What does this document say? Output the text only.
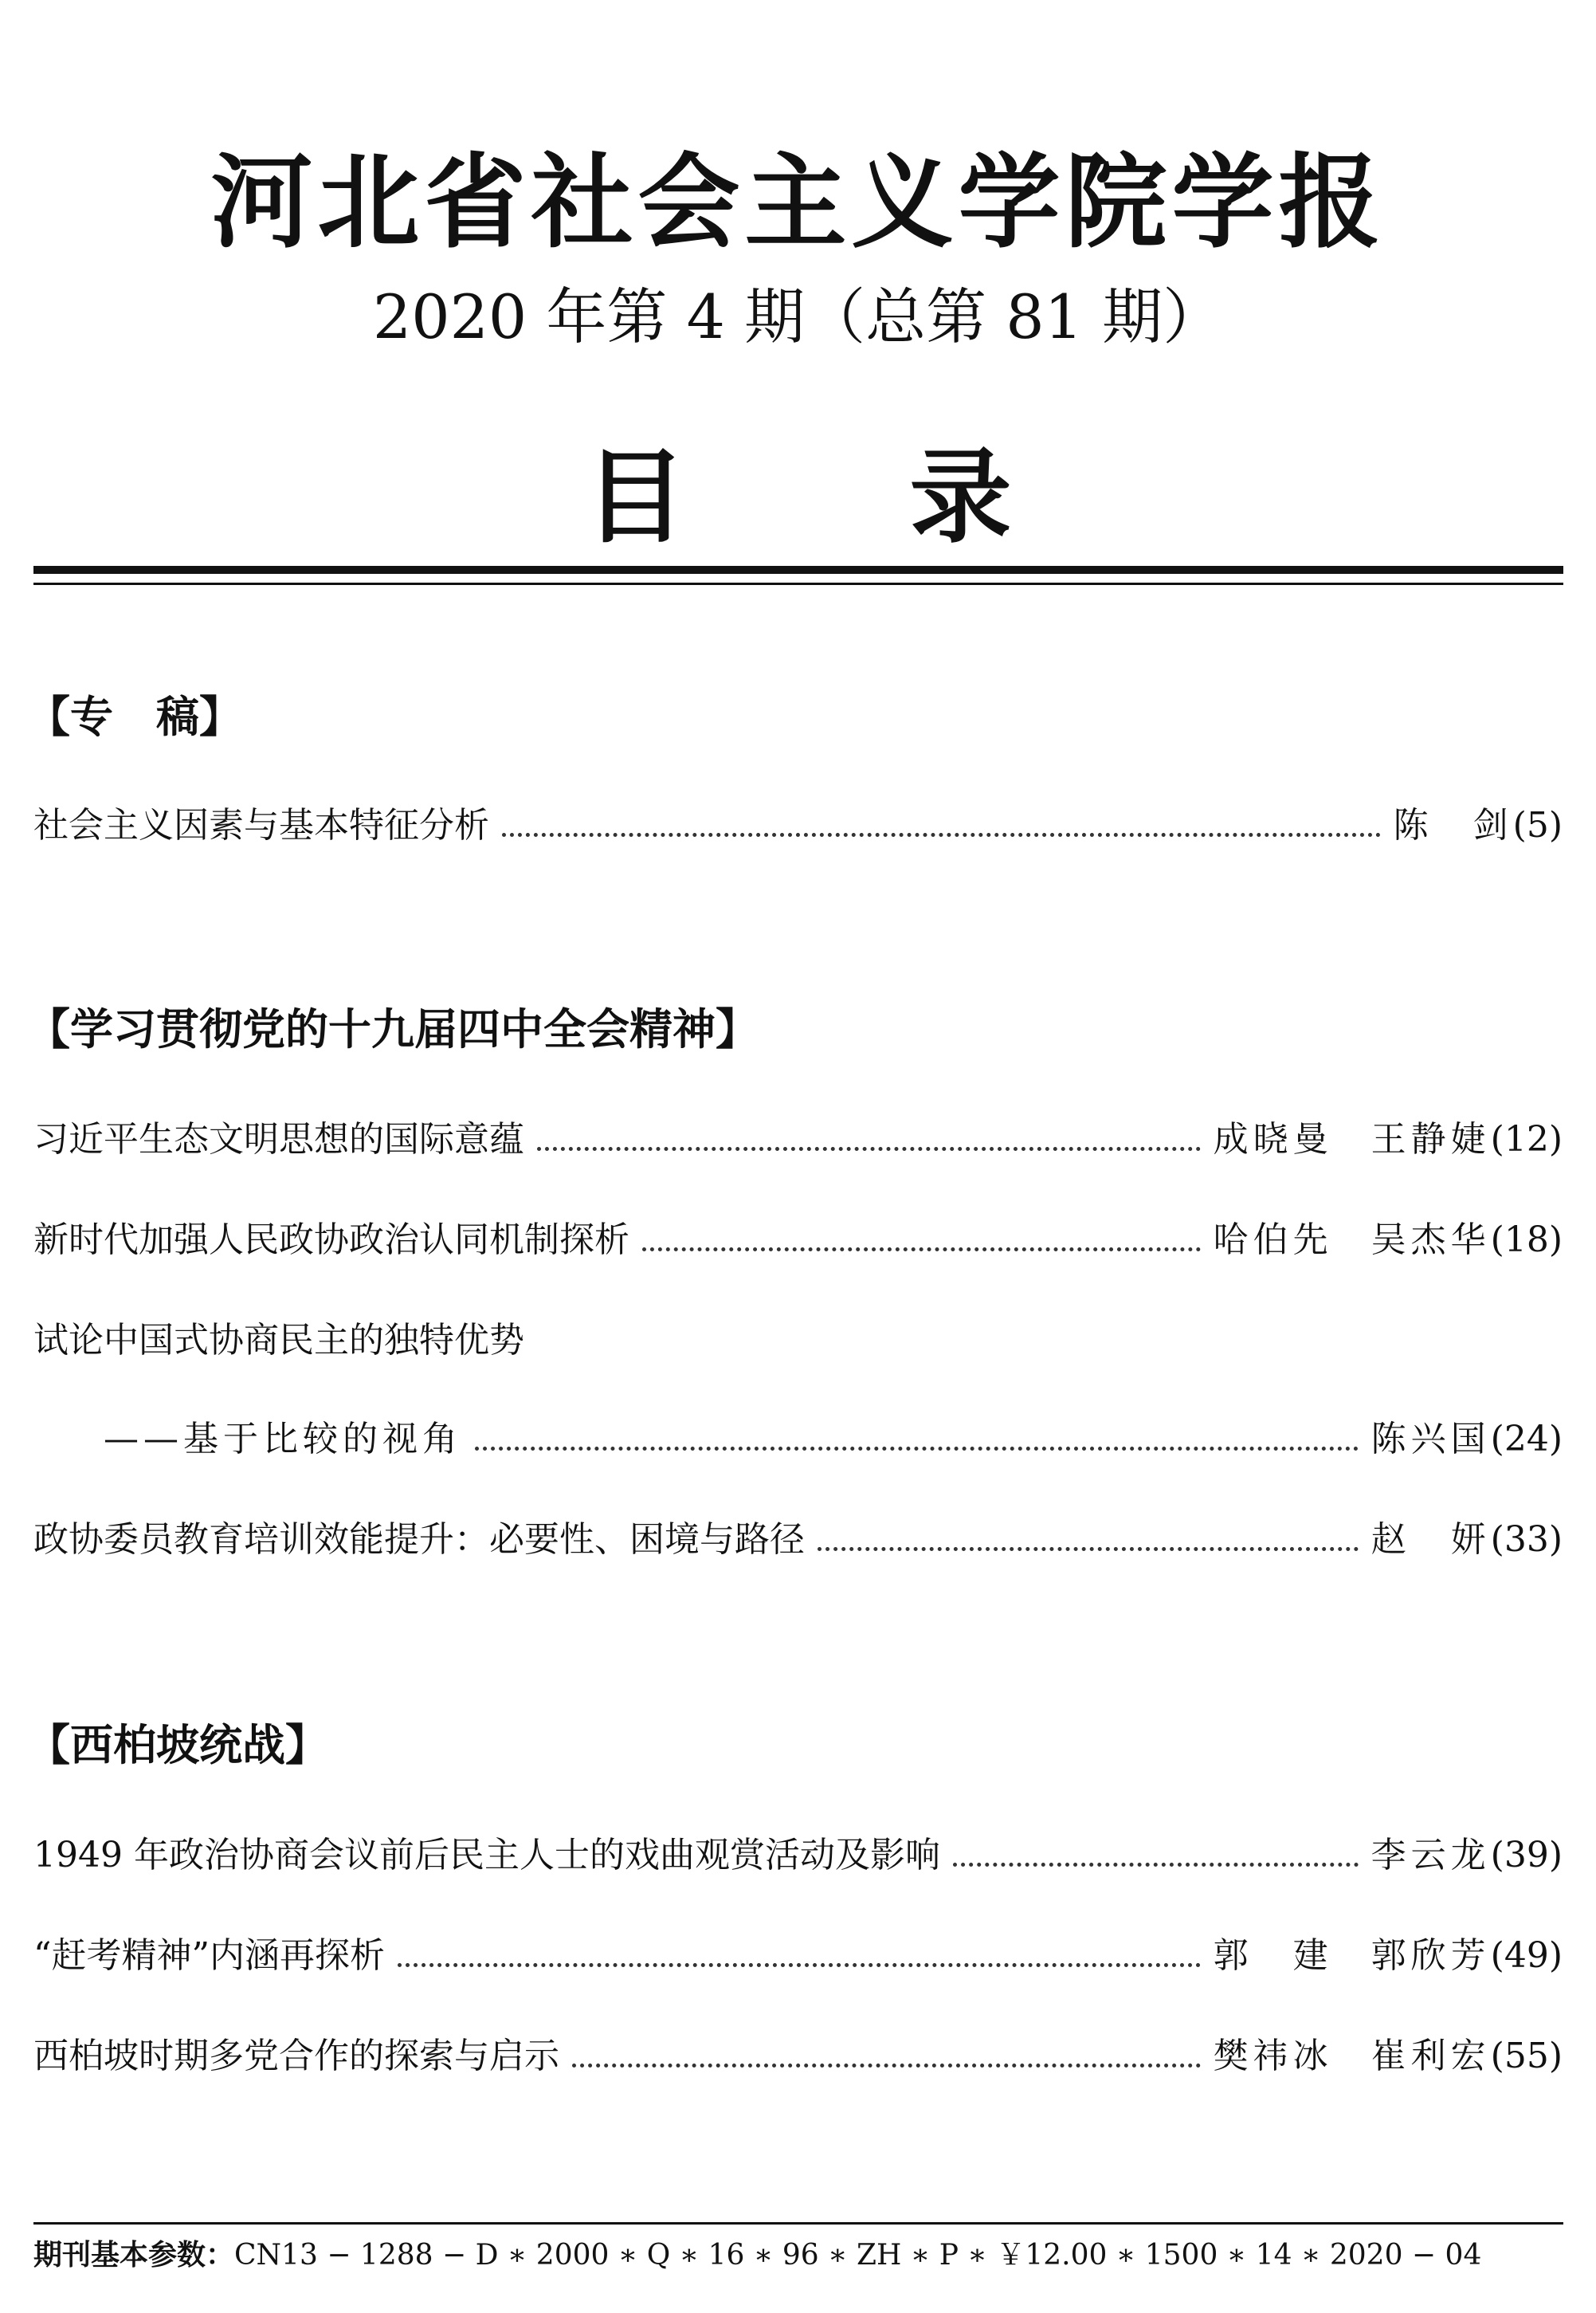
河北省社会主义学院学报
2020 年第 4 期（总第 81 期）
目录
【专　稿】
社会主义因素与基本特征分析	陈　剑 (5)
【学习贯彻党的十九届四中全会精神】
习近平生态文明思想的国际意蕴	成晓曼 王静婕 (12)
新时代加强人民政协政治认同机制探析	哈伯先 吴杰华 (18)
试论中国式协商民主的独特优势
——基于比较的视角	陈兴国 (24)
政协委员教育培训效能提升：必要性、困境与路径	赵　妍 (33)
【西柏坡统战】
1949 年政治协商会议前后民主人士的戏曲观赏活动及影响	李云龙 (39)
“赶考精神”内涵再探析	郭　建 郭欣芳 (49)
西柏坡时期多党合作的探索与启示	樊祎冰 崔利宏 (55)
期刊基本参数：CN13 − 1288 − D ∗ 2000 ∗ Q ∗ 16 ∗ 96 ∗ ZH ∗ P ∗ ￥12.00 ∗ 1500 ∗ 14 ∗ 2020 − 04
